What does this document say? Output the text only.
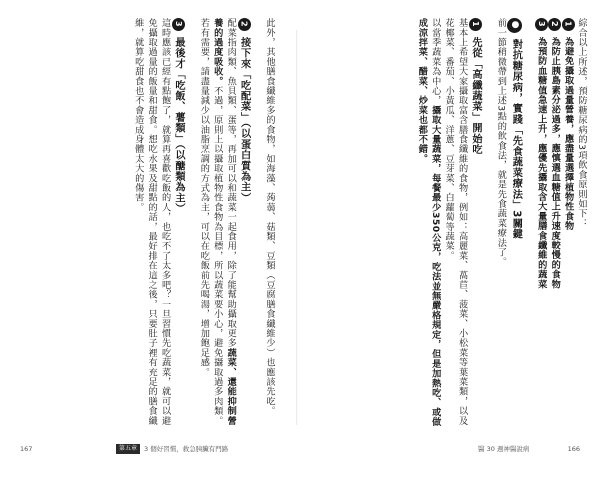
此外，其他膳食纖維多的食物，如海藻、蒟蒻、菇類、豆類（豆腐膳食纖維少）也應該先吃。

2 接下來「吃配菜」（以蛋白質為主）

配菜指肉類、魚貝類、蛋等，再加可以和蔬菜一起食用，除了能幫助攝取更多蔬菜、還能抑制營養的過度吸收。不過，原則上以攝取植物性食物為目標，所以蔬菜要小心，避免攝取過多肉類。若有需要，請盡量減少以油脂烹調的方式為主，可以在吃飯前先喝湯，增加飽足感。

3 最後才「吃飯、薯類」（以醣類為主）

這時應該已經有點飽了，就算再喜歡吃飯的人，也吃不了太多吧？一旦習慣先吃蔬菜，就可以避免攝取過量的飯量和甜食。想吃水果及甜點的話，最好排在這之後，只要肚子裡有充足的膳食纖維，就算吃甜食也不會造成身體太大的傷害。	綜合以上所述，預防糖尿病的3項飲食原則如下：

1 為避免攝取過量營養，應盡量選擇植物性食物

2 為防止胰島素分泌過多，應慎選血糖值上升速度較慢的食物

3 為預防血糖值急速上升，應優先攝取含大量膳食纖維的蔬菜

● 對抗糖尿病，實踐「先食蔬菜療法」3關鍵

前一節稍微帶到上述3點的飲食法，就是先食蔬菜療法了。

1 先從「高纖蔬菜」開始吃

基本上希望大家攝取富含膳食纖維的食物，例如：高麗菜、萵苣、菠菜、小松菜等葉菜類，以及花椰菜、番茄、小黃瓜、洋蔥、豆芽菜、白蘿蔔等蔬菜。

以當季蔬菜為中心，攝取大量蔬菜，每餐最少350公克，吃法並無嚴格規定，但是加熱吃、或做成涼拌菜、醋菜、炒菜也都不錯。

167	第五章	3 個好習慣，救急胰臟有門路	醫 30 週神醫說病	166
